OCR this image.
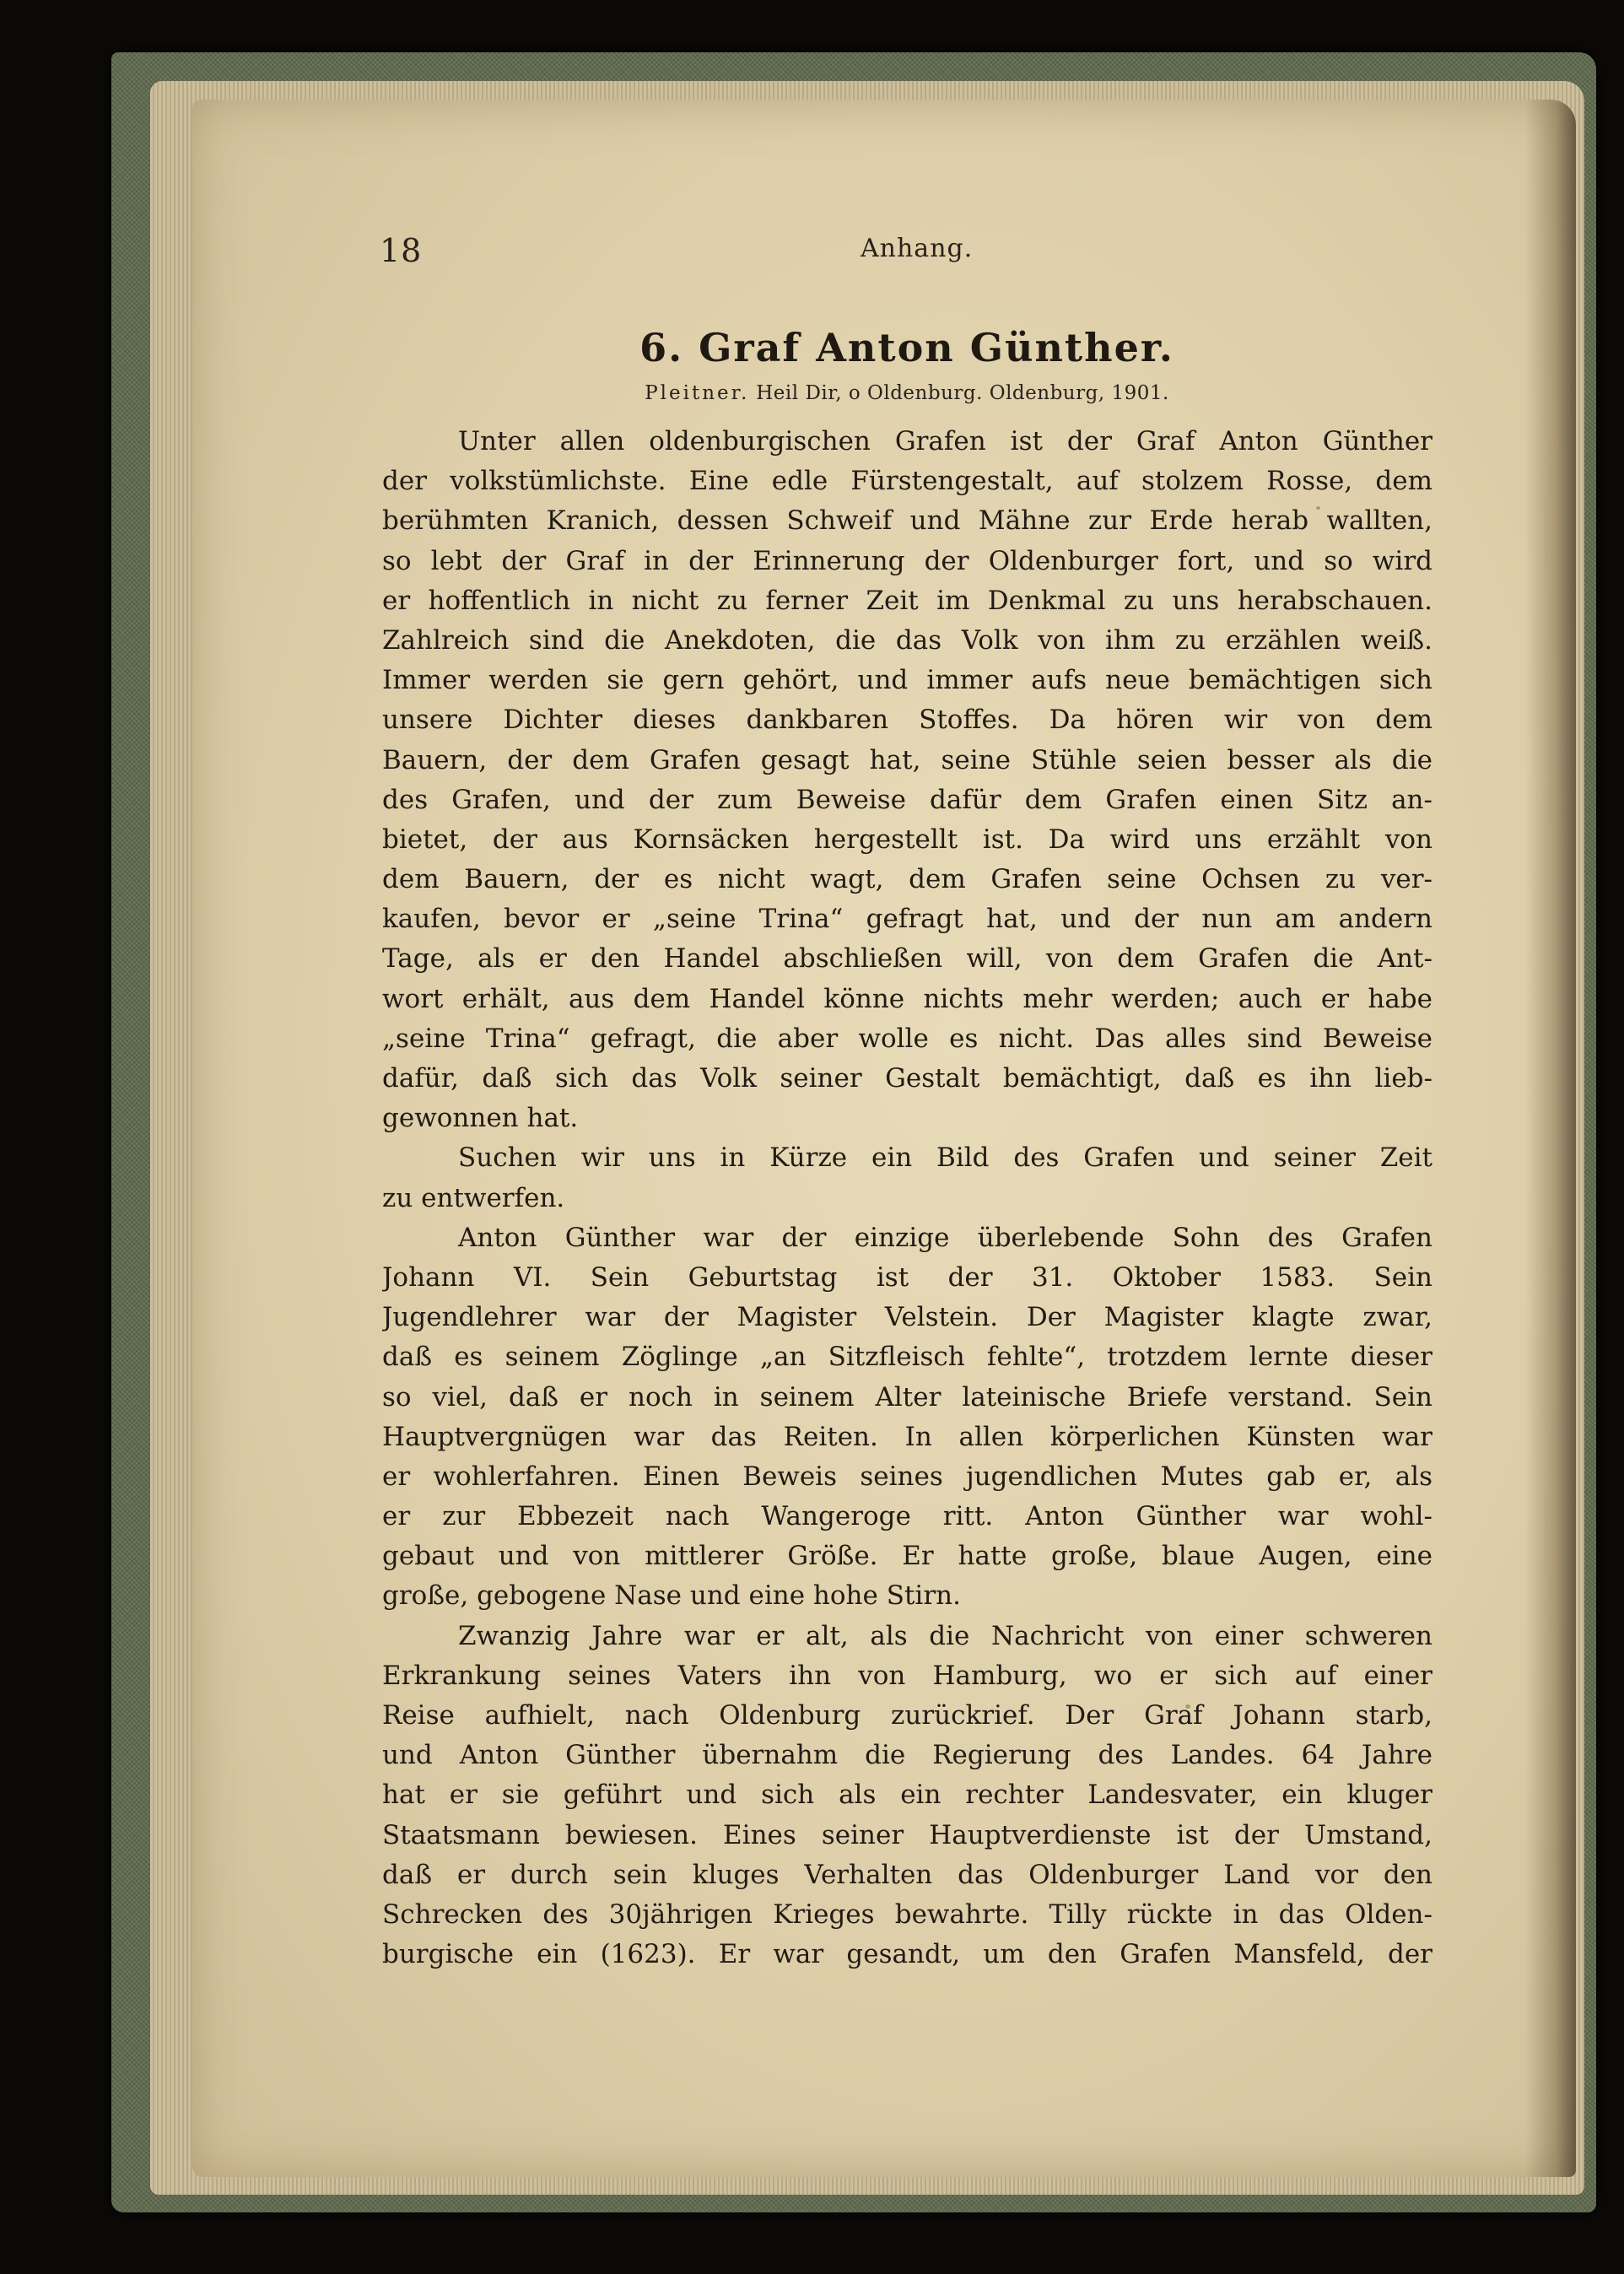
18	Anhang.
6. Graf Anton Günther.
Pleitner. Heil Dir, o Oldenburg. Oldenburg, 1901.
Unter allen oldenburgischen Grafen ist der Graf Anton Günther
der volkstümlichste. Eine edle Fürstengestalt, auf stolzem Rosse, dem
berühmten Kranich, dessen Schweif und Mähne zur Erde herab wallten,
so lebt der Graf in der Erinnerung der Oldenburger fort, und so wird
er hoffentlich in nicht zu ferner Zeit im Denkmal zu uns herabschauen.
Zahlreich sind die Anekdoten, die das Volk von ihm zu erzählen weiß.
Immer werden sie gern gehört, und immer aufs neue bemächtigen sich
unsere Dichter dieses dankbaren Stoffes. Da hören wir von dem
Bauern, der dem Grafen gesagt hat, seine Stühle seien besser als die
des Grafen, und der zum Beweise dafür dem Grafen einen Sitz an-
bietet, der aus Kornsäcken hergestellt ist. Da wird uns erzählt von
dem Bauern, der es nicht wagt, dem Grafen seine Ochsen zu ver-
kaufen, bevor er „seine Trina“ gefragt hat, und der nun am andern
Tage, als er den Handel abschließen will, von dem Grafen die Ant-
wort erhält, aus dem Handel könne nichts mehr werden; auch er habe
„seine Trina“ gefragt, die aber wolle es nicht. Das alles sind Beweise
dafür, daß sich das Volk seiner Gestalt bemächtigt, daß es ihn lieb-
gewonnen hat.
Suchen wir uns in Kürze ein Bild des Grafen und seiner Zeit
zu entwerfen.
Anton Günther war der einzige überlebende Sohn des Grafen
Johann VI. Sein Geburtstag ist der 31. Oktober 1583. Sein
Jugendlehrer war der Magister Velstein. Der Magister klagte zwar,
daß es seinem Zöglinge „an Sitzfleisch fehlte“, trotzdem lernte dieser
so viel, daß er noch in seinem Alter lateinische Briefe verstand. Sein
Hauptvergnügen war das Reiten. In allen körperlichen Künsten war
er wohlerfahren. Einen Beweis seines jugendlichen Mutes gab er, als
er zur Ebbezeit nach Wangeroge ritt. Anton Günther war wohl-
gebaut und von mittlerer Größe. Er hatte große, blaue Augen, eine
große, gebogene Nase und eine hohe Stirn.
Zwanzig Jahre war er alt, als die Nachricht von einer schweren
Erkrankung seines Vaters ihn von Hamburg, wo er sich auf einer
Reise aufhielt, nach Oldenburg zurückrief. Der Graf Johann starb,
und Anton Günther übernahm die Regierung des Landes. 64 Jahre
hat er sie geführt und sich als ein rechter Landesvater, ein kluger
Staatsmann bewiesen. Eines seiner Hauptverdienste ist der Umstand,
daß er durch sein kluges Verhalten das Oldenburger Land vor den
Schrecken des 30jährigen Krieges bewahrte. Tilly rückte in das Olden-
burgische ein (1623). Er war gesandt, um den Grafen Mansfeld, der
